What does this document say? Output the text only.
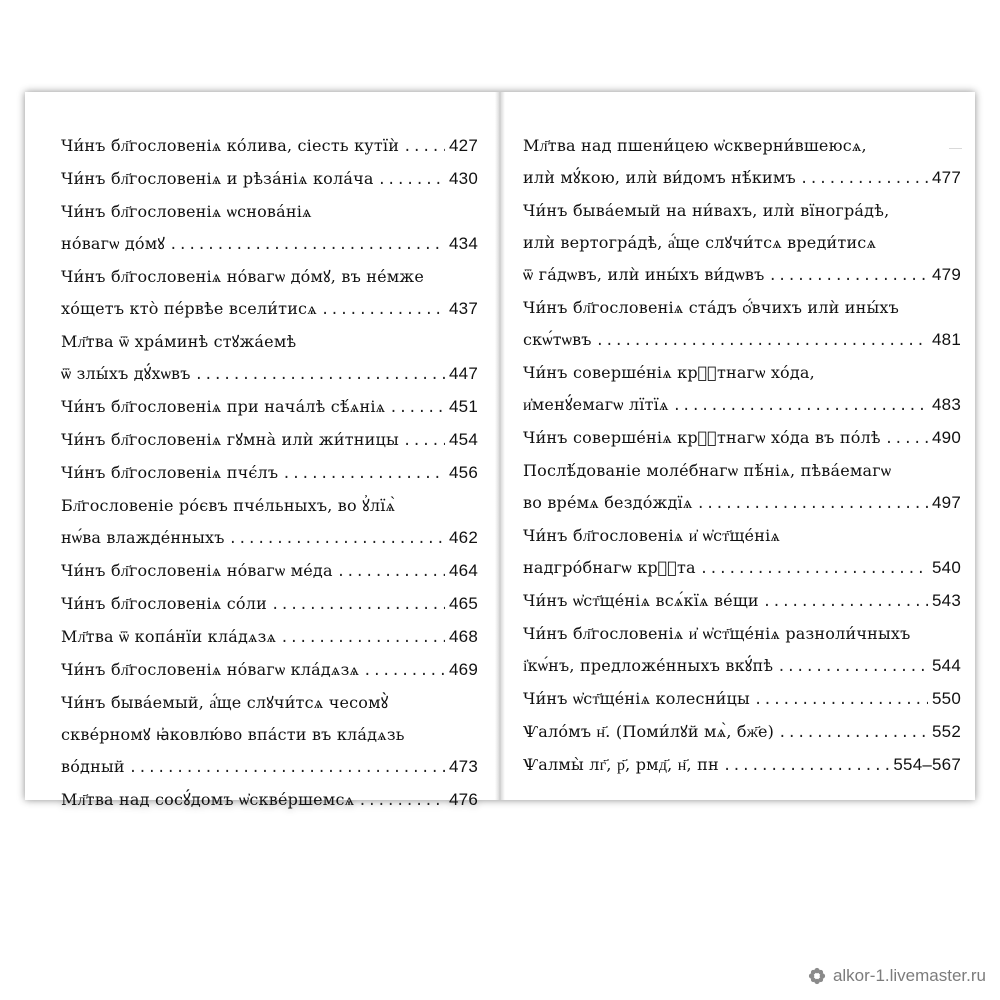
Чи́нъ бл҃гословеніѧ ко́лива, сіесть кутїѝ .....	427
Чи́нъ бл҃гословеніѧ и рѣза́ніѧ кола́ча .....	430
Чи́нъ бл҃гословеніѧ ѡснова́ніѧ
но́вагѡ до́мꙋ .....	434
Чи́нъ бл҃гословеніѧ но́вагѡ до́мꙋ, въ не́мже
хо́щетъ кто̀ пе́рвѣе всели́тисѧ .....	437
Мл҃тва ѿ хра́минѣ стꙋжа́емѣ
ѿ злы́хъ дꙋ́хѡвъ .....	447
Чи́нъ бл҃гословеніѧ при нача́лѣ сѣ́ѧніѧ .....	451
Чи́нъ бл҃гословеніѧ гꙋмна̀ илѝ жи́тницы .....	454
Чи́нъ бл҃гословеніѧ пчє́лъ .....	456
Бл҃гословеніе ро́євъ пче́льныхъ, во ꙋ҆лїѧ̀
нѡ́ва влажде́нныхъ .....	462
Чи́нъ бл҃гословеніѧ но́вагѡ ме́да .....	464
Чи́нъ бл҃гословеніѧ со́ли .....	465
Мл҃тва ѿ копа́нїи кла́дѧзѧ .....	468
Чи́нъ бл҃гословеніѧ но́вагѡ кла́дѧзѧ .....	469
Чи́нъ быва́емый, а҆́ще слꙋчи́тсѧ чесомꙋ̀
скве́рномꙋ ꙗ҆ковлю́во впа́сти въ кла́дѧзь
во́дный .....	473
Мл҃тва над сосꙋ́домъ ѡ҆скве́ршемсѧ .....	476
—
Мл҃тва над пшени́цею ѡ҆скверни́вшеюсѧ,
илѝ мꙋ́кою, илѝ ви́домъ нѣ́кимъ .....	477
Чи́нъ быва́емый на ни́вахъ, илѝ вїногра́дѣ,
илѝ вертогра́дѣ, а҆́ще слꙋчи́тсѧ вреди́тисѧ
ѿ га́дѡвъ, илѝ ины́хъ ви́дѡвъ .....	479
Чи́нъ бл҃гословеніѧ ста́дъ ѻ҆́вчихъ илѝ ины́хъ
скѡ́тѡвъ .....	481
Чи́нъ соверше́ніѧ крⷭ҇тнагѡ хо́да,
и҆менꙋ́емагѡ лїтїѧ .....	483
Чи́нъ соверше́ніѧ крⷭ҇тнагѡ хо́да въ по́лѣ .....	490
Послѣ́дованіе моле́бнагѡ пѣ́ніѧ, пѣва́емагѡ
во вре́мѧ бездо́ждїѧ .....	497
Чи́нъ бл҃гословеніѧ и҆ ѡ҆ст҃ще́ніѧ
надгро́бнагѡ крⷭ҇та .....	540
Чи́нъ ѡ҆ст҃ще́ніѧ всѧ́кїѧ ве́щи .....	543
Чи́нъ бл҃гословеніѧ и҆ ѡ҆ст҃ще́ніѧ разноли́чныхъ
і҆кѡ́нъ, предложе́нныхъ вкꙋ́пѣ .....	544
Чи́нъ ѡ҆ст҃ще́ніѧ колесни́цы .....	550
Ѱало́мъ н҃. (Поми́лꙋй мѧ̀, бж҃е) .....	552
Ѱалмы̀ лг҃, р҃, рмд҃, н҃, пн .....	554–567
alkor-1.livemaster.ru
